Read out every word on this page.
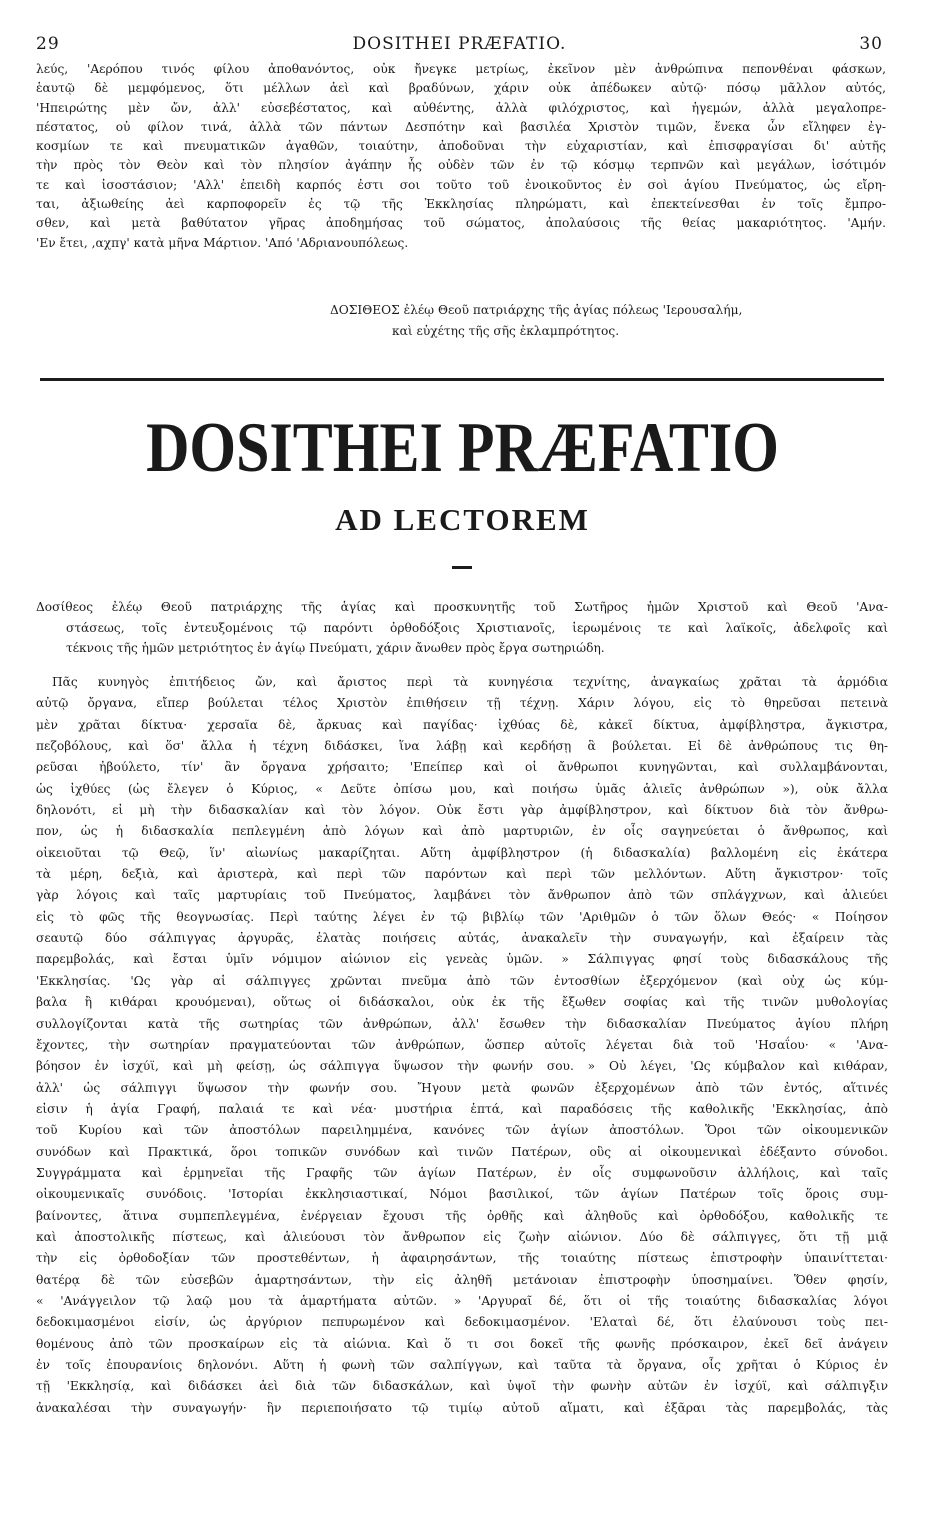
29	DOSITHEI PRÆFATIO.	30
λεύς, 'Αερόπου τινός φίλου ἀποθανόντος, οὐκ ἤνεγκε μετρίως, ἐκεῖνον μὲν ἀνθρώπινα πεπονθέναι φάσκων,
ἑαυτῷ δὲ μεμφόμενος, ὅτι μέλλων ἀεὶ καὶ βραδύνων, χάριν οὐκ ἀπέδωκεν αὐτῷ· πόσῳ μᾶλλον αὐτός,
'Ηπειρώτης μὲν ὤν, ἀλλ' εὐσεβέστατος, καὶ αὐθέντης, ἀλλὰ φιλόχριστος, καὶ ἡγεμών, ἀλλὰ μεγαλοπρε-
πέστατος, οὐ φίλον τινά, ἀλλὰ τῶν πάντων Δεσπότην καὶ βασιλέα Χριστὸν τιμῶν, ἕνεκα ὧν εἴληφεν ἐγ-
κοσμίων τε καὶ πνευματικῶν ἀγαθῶν, τοιαύτην, ἀποδοῦναι τὴν εὐχαριστίαν, καὶ ἐπισφραγίσαι δι' αὐτῆς
τὴν πρὸς τὸν Θεὸν καὶ τὸν πλησίον ἀγάπην ἧς οὐδὲν τῶν ἐν τῷ κόσμῳ τερπνῶν καὶ μεγάλων, ἰσότιμόν
τε καὶ ἰσοστάσιον; 'Αλλ' ἐπειδὴ καρπός ἐστι σοι τοῦτο τοῦ ἐνοικοῦντος ἐν σοὶ ἁγίου Πνεύματος, ὡς εἴρη-
ται, ἀξιωθείης ἀεὶ καρποφορεῖν ἐς τῷ τῆς Ἐκκλησίας πληρώματι, καὶ ἐπεκτείνεσθαι ἐν τοῖς ἔμπρο-
σθεν, καὶ μετὰ βαθύτατον γῆρας ἀποδημήσας τοῦ σώματος, ἀπολαύσοις τῆς θείας μακαριότητος. 'Αμήν.
'Εν ἔτει, ,αχπγ' κατὰ μῆνα Μάρτιον. 'Από 'Αδριανουπόλεως.
ΔΟΣΙΘΕΟΣ ἐλέῳ Θεοῦ πατριάρχης τῆς ἁγίας πόλεως 'Ιερουσαλήμ,
καὶ εὐχέτης τῆς σῆς ἐκλαμπρότητος.
DOSITHEI PRÆFATIO
AD LECTOREM
Δοσίθεος ἐλέῳ Θεοῦ πατριάρχης τῆς ἁγίας καὶ προσκυνητῆς τοῦ Σωτῆρος ἡμῶν Χριστοῦ καὶ Θεοῦ 'Ανα-
στάσεως, τοῖς ἐντευξομένοις τῷ παρόντι ὀρθοδόξοις Χριστιανοῖς, ἱερωμένοις τε καὶ λαϊκοῖς, ἀδελφοῖς καὶ
τέκνοις τῆς ἡμῶν μετριότητος ἐν ἁγίῳ Πνεύματι, χάριν ἄνωθεν πρὸς ἔργα σωτηριώδη.
Πᾶς κυνηγὸς ἐπιτήδειος ὤν, καὶ ἄριστος περὶ τὰ κυνηγέσια τεχνίτης, ἀναγκαίως χρᾶται τὰ ἁρμόδια
αὐτῷ ὄργανα, εἴπερ βούλεται τέλος Χριστὸν ἐπιθήσειν τῇ τέχνῃ. Χάριν λόγου, εἰς τὸ θηρεῦσαι πετεινὰ
μὲν χρᾶται δίκτυα· χερσαῖα δὲ, ἄρκυας καὶ παγίδας· ἰχθύας δὲ, κἀκεῖ δίκτυα, ἀμφίβληστρα, ἄγκιστρα,
πεζοβόλους, καὶ ὅσ' ἄλλα ἡ τέχνη διδάσκει, ἵνα λάβῃ καὶ κερδήσῃ ἃ βούλεται. Εἰ δὲ ἀνθρώπους τις θη-
ρεῦσαι ἠβούλετο, τίν' ἂν ὄργανα χρήσαιτο; 'Επείπερ καὶ οἱ ἄνθρωποι κυνηγῶνται, καὶ συλλαμβάνονται,
ὡς ἰχθύες (ὡς ἔλεγεν ὁ Κύριος, « Δεῦτε ὀπίσω μου, καὶ ποιήσω ὑμᾶς ἁλιεῖς ἀνθρώπων »), οὐκ ἄλλα
δηλονότι, εἰ μὴ τὴν διδασκαλίαν καὶ τὸν λόγον. Οὐκ ἔστι γὰρ ἀμφίβληστρον, καὶ δίκτυον διὰ τὸν ἄνθρω-
πον, ὡς ἡ διδασκαλία πεπλεγμένη ἀπὸ λόγων καὶ ἀπὸ μαρτυριῶν, ἐν οἷς σαγηνεύεται ὁ ἄνθρωπος, καὶ
οἰκειοῦται τῷ Θεῷ, ἵν' αἰωνίως μακαρίζηται. Αὕτη ἀμφίβληστρον (ἡ διδασκαλία) βαλλομένη εἰς ἑκάτερα
τὰ μέρη, δεξιὰ, καὶ ἀριστερὰ, καὶ περὶ τῶν παρόντων καὶ περὶ τῶν μελλόντων. Αὕτη ἄγκιστρον· τοῖς
γὰρ λόγοις καὶ ταῖς μαρτυρίαις τοῦ Πνεύματος, λαμβάνει τὸν ἄνθρωπον ἀπὸ τῶν σπλάγχνων, καὶ ἁλιεύει
εἰς τὸ φῶς τῆς θεογνωσίας. Περὶ ταύτης λέγει ἐν τῷ βιβλίῳ τῶν 'Αριθμῶν ὁ τῶν ὅλων Θεός· « Ποίησον
σεαυτῷ δύο σάλπιγγας ἀργυρᾶς, ἐλατὰς ποιήσεις αὐτάς, ἀνακαλεῖν τὴν συναγωγήν, καὶ ἐξαίρειν τὰς
παρεμβολάς, καὶ ἔσται ὑμῖν νόμιμον αἰώνιον εἰς γενεὰς ὑμῶν. » Σάλπιγγας φησί τοὺς διδασκάλους τῆς
'Εκκλησίας. 'Ως γὰρ αἱ σάλπιγγες χρῶνται πνεῦμα ἀπὸ τῶν ἐντοσθίων ἐξερχόμενον (καὶ οὐχ ὡς κύμ-
βαλα ἢ κιθάραι κρουόμεναι), οὕτως οἱ διδάσκαλοι, οὐκ ἐκ τῆς ἔξωθεν σοφίας καὶ τῆς τινῶν μυθολογίας
συλλογίζονται κατὰ τῆς σωτηρίας τῶν ἀνθρώπων, ἀλλ' ἔσωθεν τὴν διδασκαλίαν Πνεύματος ἁγίου πλήρη
ἔχοντες, τὴν σωτηρίαν πραγματεύονται τῶν ἀνθρώπων, ὥσπερ αὐτοῖς λέγεται διὰ τοῦ 'Ησαΐου· « 'Ανα-
βόησον ἐν ἰσχύϊ, καὶ μὴ φείσῃ, ὡς σάλπιγγα ὕψωσον τὴν φωνήν σου. » Οὐ λέγει, 'Ως κύμβαλον καὶ κιθάραν,
ἀλλ' ὡς σάλπιγγι ὕψωσον τὴν φωνήν σου. Ἤγουν μετὰ φωνῶν ἐξερχομένων ἀπὸ τῶν ἐντός, αἵτινές
εἰσιν ἡ ἁγία Γραφή, παλαιά τε καὶ νέα· μυστήρια ἑπτά, καὶ παραδόσεις τῆς καθολικῆς 'Εκκλησίας, ἀπὸ
τοῦ Κυρίου καὶ τῶν ἀποστόλων παρειλημμένα, κανόνες τῶν ἁγίων ἀποστόλων. Ὅροι τῶν οἰκουμενικῶν
συνόδων καὶ Πρακτικά, ὅροι τοπικῶν συνόδων καὶ τινῶν Πατέρων, οὓς αἱ οἰκουμενικαὶ ἐδέξαντο σύνοδοι.
Συγγράμματα καὶ ἑρμηνεῖαι τῆς Γραφῆς τῶν ἁγίων Πατέρων, ἐν οἷς συμφωνοῦσιν ἀλλήλοις, καὶ ταῖς
οἰκουμενικαῖς συνόδοις. 'Ιστορίαι ἐκκλησιαστικαί, Νόμοι βασιλικοί, τῶν ἁγίων Πατέρων τοῖς ὅροις συμ-
βαίνοντες, ἅτινα συμπεπλεγμένα, ἐνέργειαν ἔχουσι τῆς ὀρθῆς καὶ ἀληθοῦς καὶ ὀρθοδόξου, καθολικῆς τε
καὶ ἀποστολικῆς πίστεως, καὶ ἁλιεύουσι τὸν ἄνθρωπον εἰς ζωὴν αἰώνιον. Δύο δὲ σάλπιγγες, ὅτι τῇ μιᾷ
τὴν εἰς ὀρθοδοξίαν τῶν προστεθέντων, ἡ ἀφαιρησάντων, τῆς τοιαύτης πίστεως ἐπιστροφὴν ὑπαινίττεται·
θατέρᾳ δὲ τῶν εὐσεβῶν ἁμαρτησάντων, τὴν εἰς ἀληθῆ μετάνοιαν ἐπιστροφὴν ὑποσημαίνει. Ὅθεν φησίν,
« 'Ανάγγειλον τῷ λαῷ μου τὰ ἁμαρτήματα αὐτῶν. » 'Αργυραῖ δέ, ὅτι οἱ τῆς τοιαύτης διδασκαλίας λόγοι
δεδοκιμασμένοι εἰσίν, ὡς ἀργύριον πεπυρωμένον καὶ δεδοκιμασμένον. 'Ελαταὶ δέ, ὅτι ἐλαύνουσι τοὺς πει-
θομένους ἀπὸ τῶν προσκαίρων εἰς τὰ αἰώνια. Καὶ ὅ τι σοι δοκεῖ τῆς φωνῆς πρόσκαιρον, ἐκεῖ δεῖ ἀνάγειν
ἐν τοῖς ἐπουρανίοις δηλονόνι. Αὕτη ἡ φωνὴ τῶν σαλπίγγων, καὶ ταῦτα τὰ ὄργανα, οἷς χρῆται ὁ Κύριος ἐν
τῇ 'Εκκλησίᾳ, καὶ διδάσκει ἀεὶ διὰ τῶν διδασκάλων, καὶ ὑψοῖ τὴν φωνὴν αὐτῶν ἐν ἰσχύϊ, καὶ σάλπιγξιν
ἀνακαλέσαι τὴν συναγωγήν· ἣν περιεποιήσατο τῷ τιμίῳ αὐτοῦ αἵματι, καὶ ἐξᾶραι τὰς παρεμβολάς, τὰς
